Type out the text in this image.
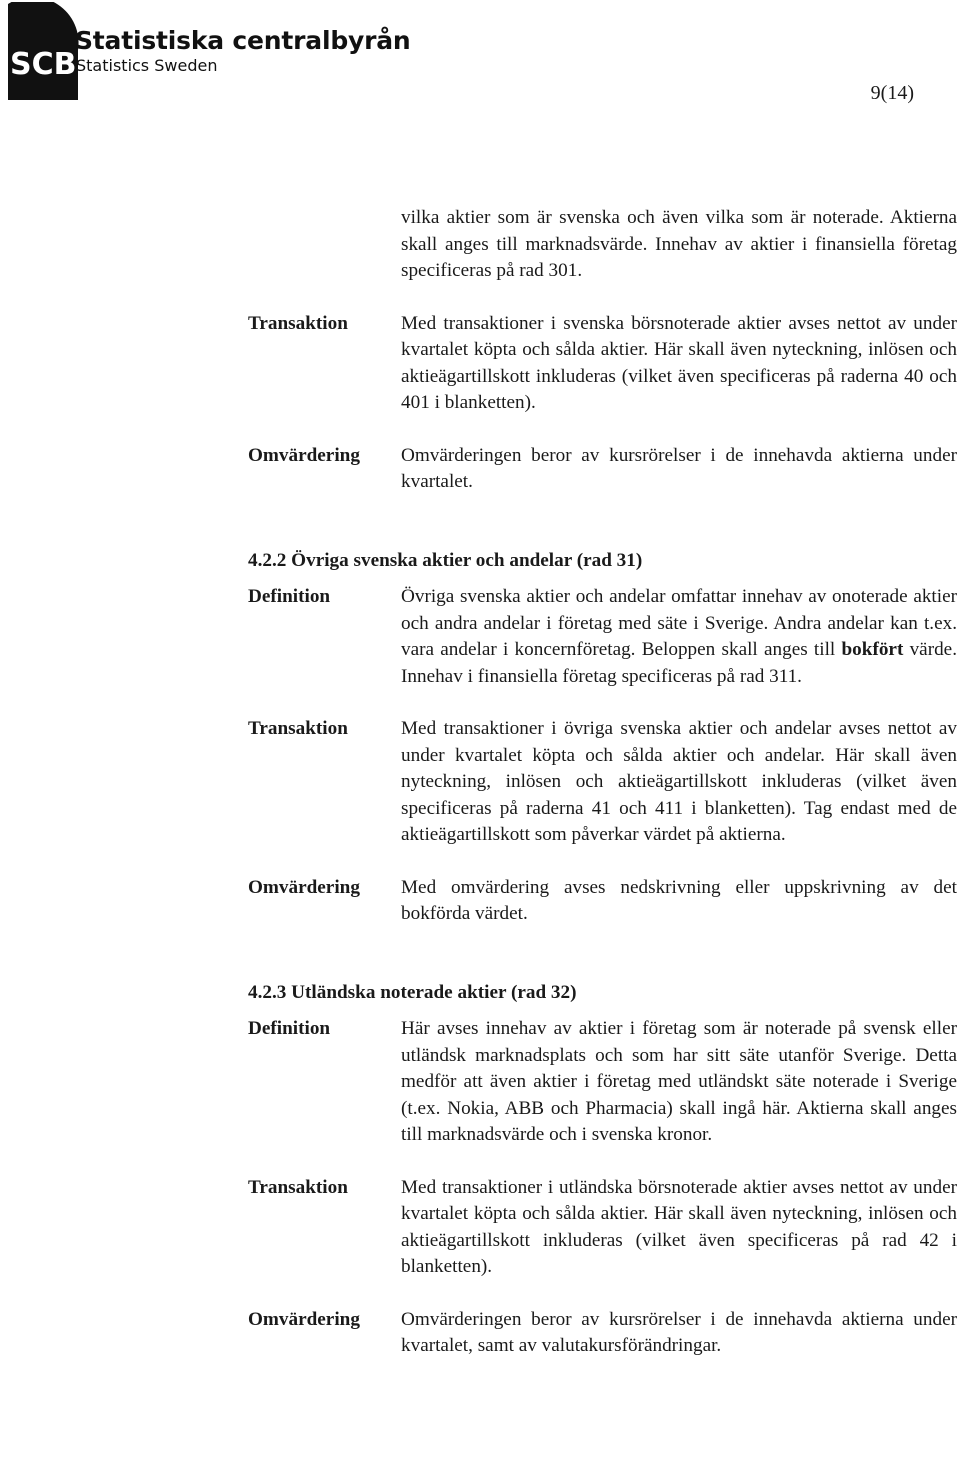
SCB
Statistiska centralbyrån
Statistics Sweden
9(14)

vilka aktier som är svenska och även vilka som är noterade. Aktierna skall anges till marknadsvärde. Innehav av aktier i finansiella företag specificeras på rad 301.

Transaktion	Med transaktioner i svenska börsnoterade aktier avses nettot av under kvartalet köpta och sålda aktier. Här skall även nyteckning, inlösen och aktieägartillskott inkluderas (vilket även specificeras på raderna 40 och 401 i blanketten).
Omvärdering	Omvärderingen beror av kursrörelser i de innehavda aktierna under kvartalet.
4.2.2 Övriga svenska aktier och andelar (rad 31)
Definition	Övriga svenska aktier och andelar omfattar innehav av onoterade aktier och andra andelar i företag med säte i Sverige. Andra andelar kan t.ex. vara andelar i koncernföretag. Beloppen skall anges till bokfört värde. Innehav i finansiella företag specificeras på rad 311.
Transaktion	Med transaktioner i övriga svenska aktier och andelar avses nettot av under kvartalet köpta och sålda aktier och andelar. Här skall även nyteckning, inlösen och aktieägartillskott inkluderas (vilket även specificeras på raderna 41 och 411 i blanketten). Tag endast med de aktieägartillskott som påverkar värdet på aktierna.
Omvärdering	Med omvärdering avses nedskrivning eller uppskrivning av det bokförda värdet.
4.2.3 Utländska noterade aktier (rad 32)
Definition	Här avses innehav av aktier i företag som är noterade på svensk eller utländsk marknadsplats och som har sitt säte utanför Sverige. Detta medför att även aktier i företag med utländskt säte noterade i Sverige (t.ex. Nokia, ABB och Pharmacia) skall ingå här. Aktierna skall anges till marknadsvärde och i svenska kronor.
Transaktion	Med transaktioner i utländska börsnoterade aktier avses nettot av under kvartalet köpta och sålda aktier. Här skall även nyteckning, inlösen och aktieägartillskott inkluderas (vilket även specificeras på rad 42 i blanketten).
Omvärdering	Omvärderingen beror av kursrörelser i de innehavda aktierna under kvartalet, samt av valutakursförändringar.
